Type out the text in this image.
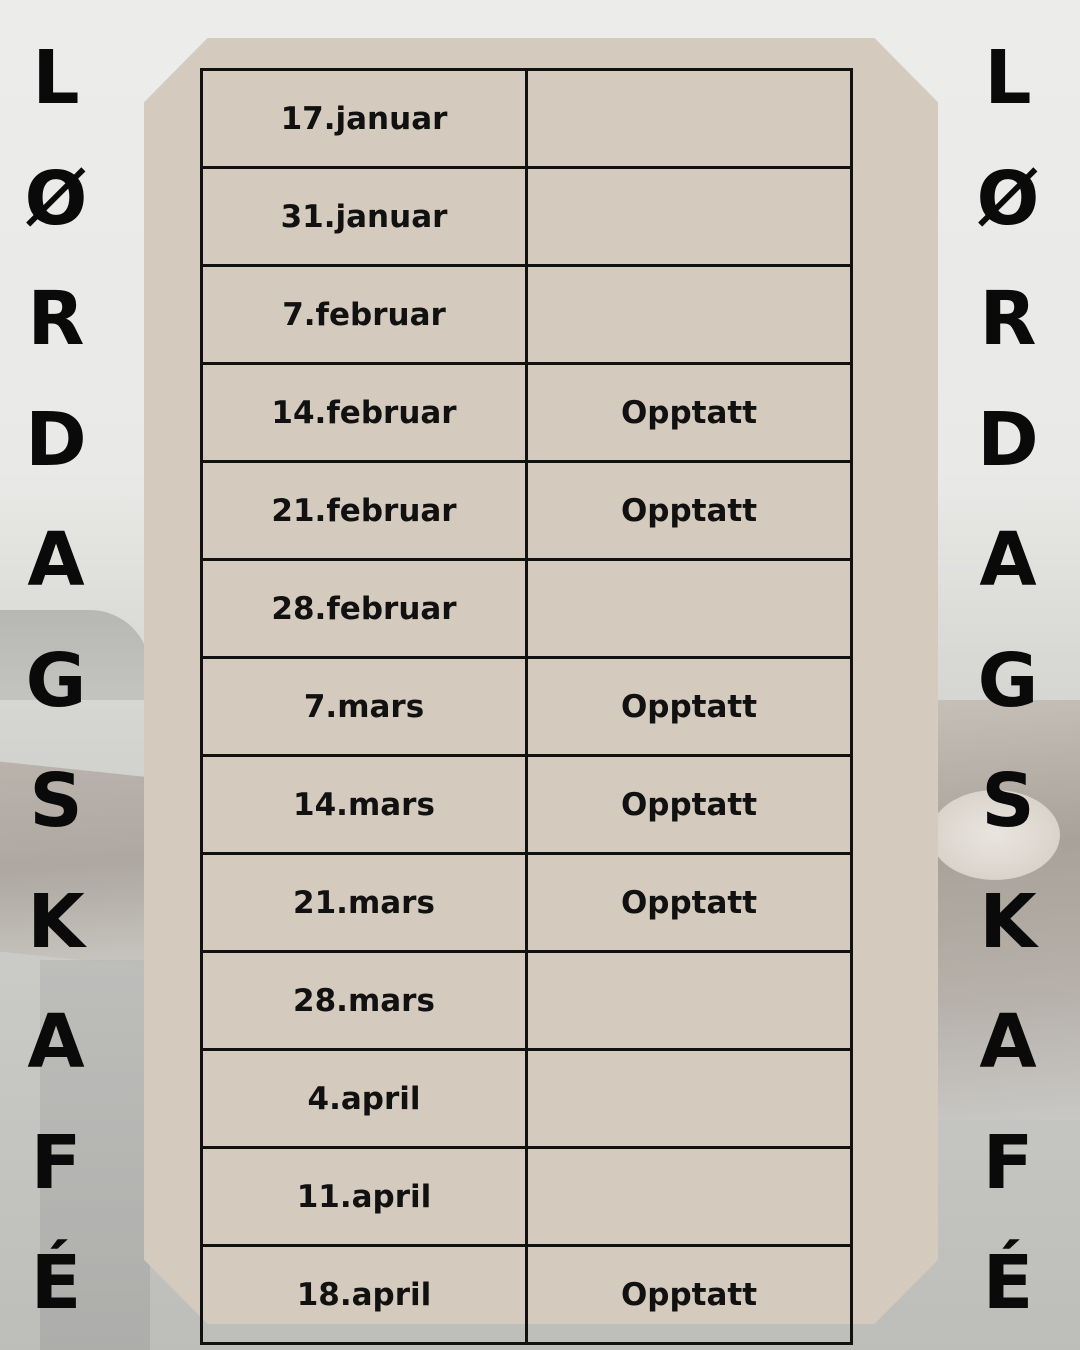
17.januar	
31.januar	
7.februar	
14.februar	Opptatt
21.februar	Opptatt
28.februar	
7.mars	Opptatt
14.mars	Opptatt
21.mars	Opptatt
28.mars	
4.april	
11.april	
18.april	Opptatt
L
Ø
R
D
A
G
S
K
A
F
É
L
Ø
R
D
A
G
S
K
A
F
É
